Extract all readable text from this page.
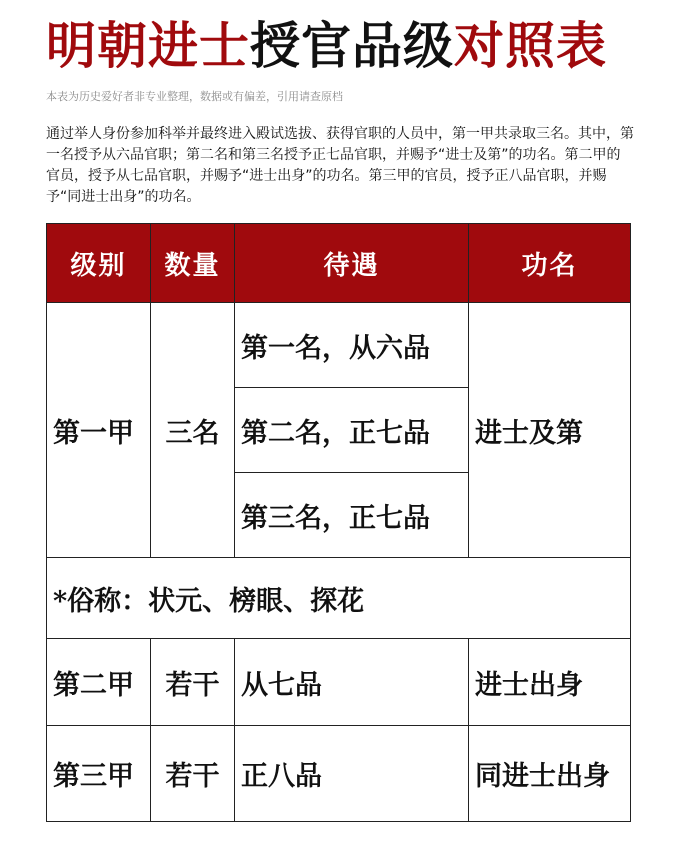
明朝进士授官品级对照表
本表为历史爱好者非专业整理，数据或有偏差，引用请查原档

通过举人身份参加科举并最终进入殿试选拔、获得官职的人员中，第一甲共录取三名。其中，第一名授予从六品官职；第二名和第三名授予正七品官职，并赐予“进士及第”的功名。第二甲的官员，授予从七品官职，并赐予“进士出身”的功名。第三甲的官员，授予正八品官职，并赐予“同进士出身”的功名。

级别	数量	待遇	功名
第一甲	三名	第一名，从六品	进士及第
		第二名，正七品	
		第三名，正七品	
*俗称：状元、榜眼、探花			
第二甲	若干	从七品	进士出身
第三甲	若干	正八品	同进士出身
